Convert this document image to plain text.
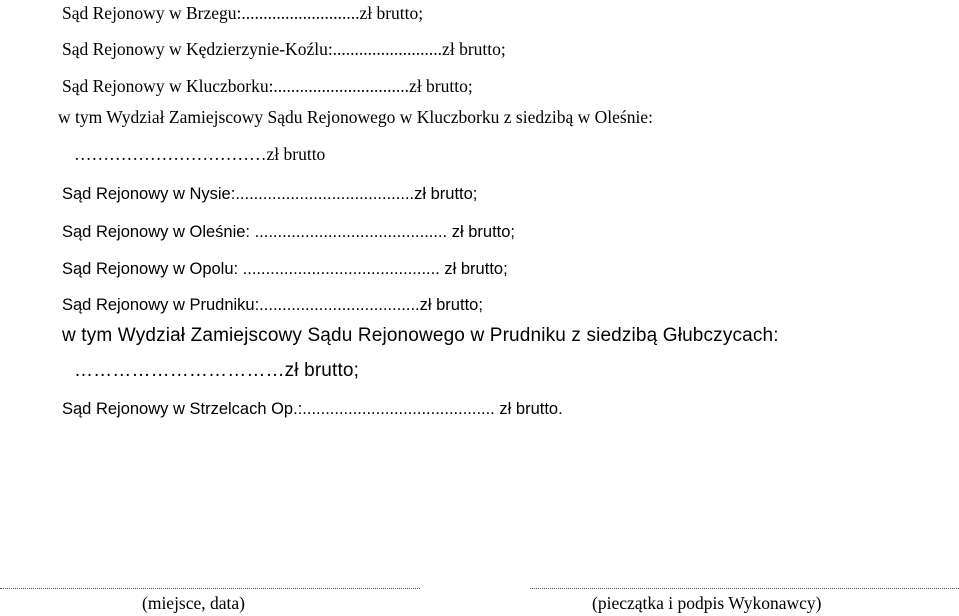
Sąd Rejonowy w Brzegu:...........................zł brutto;
Sąd Rejonowy w Kędzierzynie-Koźlu:.........................zł brutto;
Sąd Rejonowy w Kluczborku:...............................zł brutto;
w tym Wydział Zamiejscowy Sądu Rejonowego w Kluczborku z siedzibą w Oleśnie:
……………………………zł brutto
Sąd Rejonowy w Nysie:.......................................zł brutto;
Sąd Rejonowy w Oleśnie: .......................................... zł brutto;
Sąd Rejonowy w Opolu: ........................................... zł brutto;
Sąd Rejonowy w Prudniku:...................................zł brutto;
w tym Wydział Zamiejscowy Sądu Rejonowego w Prudniku z siedzibą Głubczycach:
……………………………zł brutto;
Sąd Rejonowy w Strzelcach Op.:.......................................... zł brutto.
(miejsce, data)	(pieczątka i podpis Wykonawcy)
